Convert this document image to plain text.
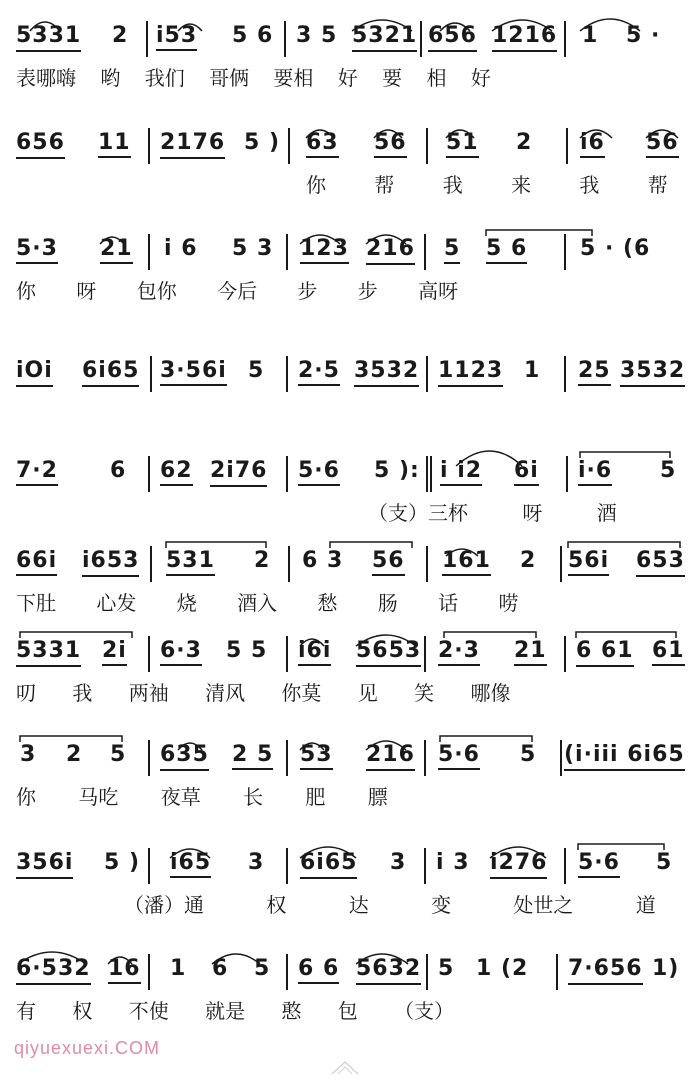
5331 2 i53 5 6 3 5 5321 656 1216 1 5 ·
表哪嗨 哟 我们 哥俩 要相 好 要 相 好
656 11 2176 5 ) 63 56 51 2 i6 56
你 帮 我 来 我 帮
5·3 21 i 6 5 3 123 216 5 5 6 5 · (6
你 呀 包你 今后 步 步 高呀
iOi 6i65 3·56i 5 2·5 3532 1123 1 25 3532
7·2 6 62 2i76 5·6 5 ): i i2 6i i·6 5
（支）三杯 呀 酒
66i i653 531 2 6 3 56 161 2 56i 653
下肚 心发 烧 酒入 愁 肠 话 唠
5331 2i 6·3 5 5 i6i 5653 2·3 21 6 61 61
叨 我 两袖 清风 你莫 见 笑 哪像
3 2 5 635 2 5 53 216 5·6 5 (i·iii 6i65
你 马吃 夜草 长 肥 膘
356i 5 ) i65 3 6i65 3 i 3 i276 5·6 5
（潘）通 权 达 变 处世之 道
6·532 16 1 6 5 6 6 5632 5 1 (2 7·656 1)
有 权 不使 就是 憨 包 （支）
qiyuexuexi.COM
